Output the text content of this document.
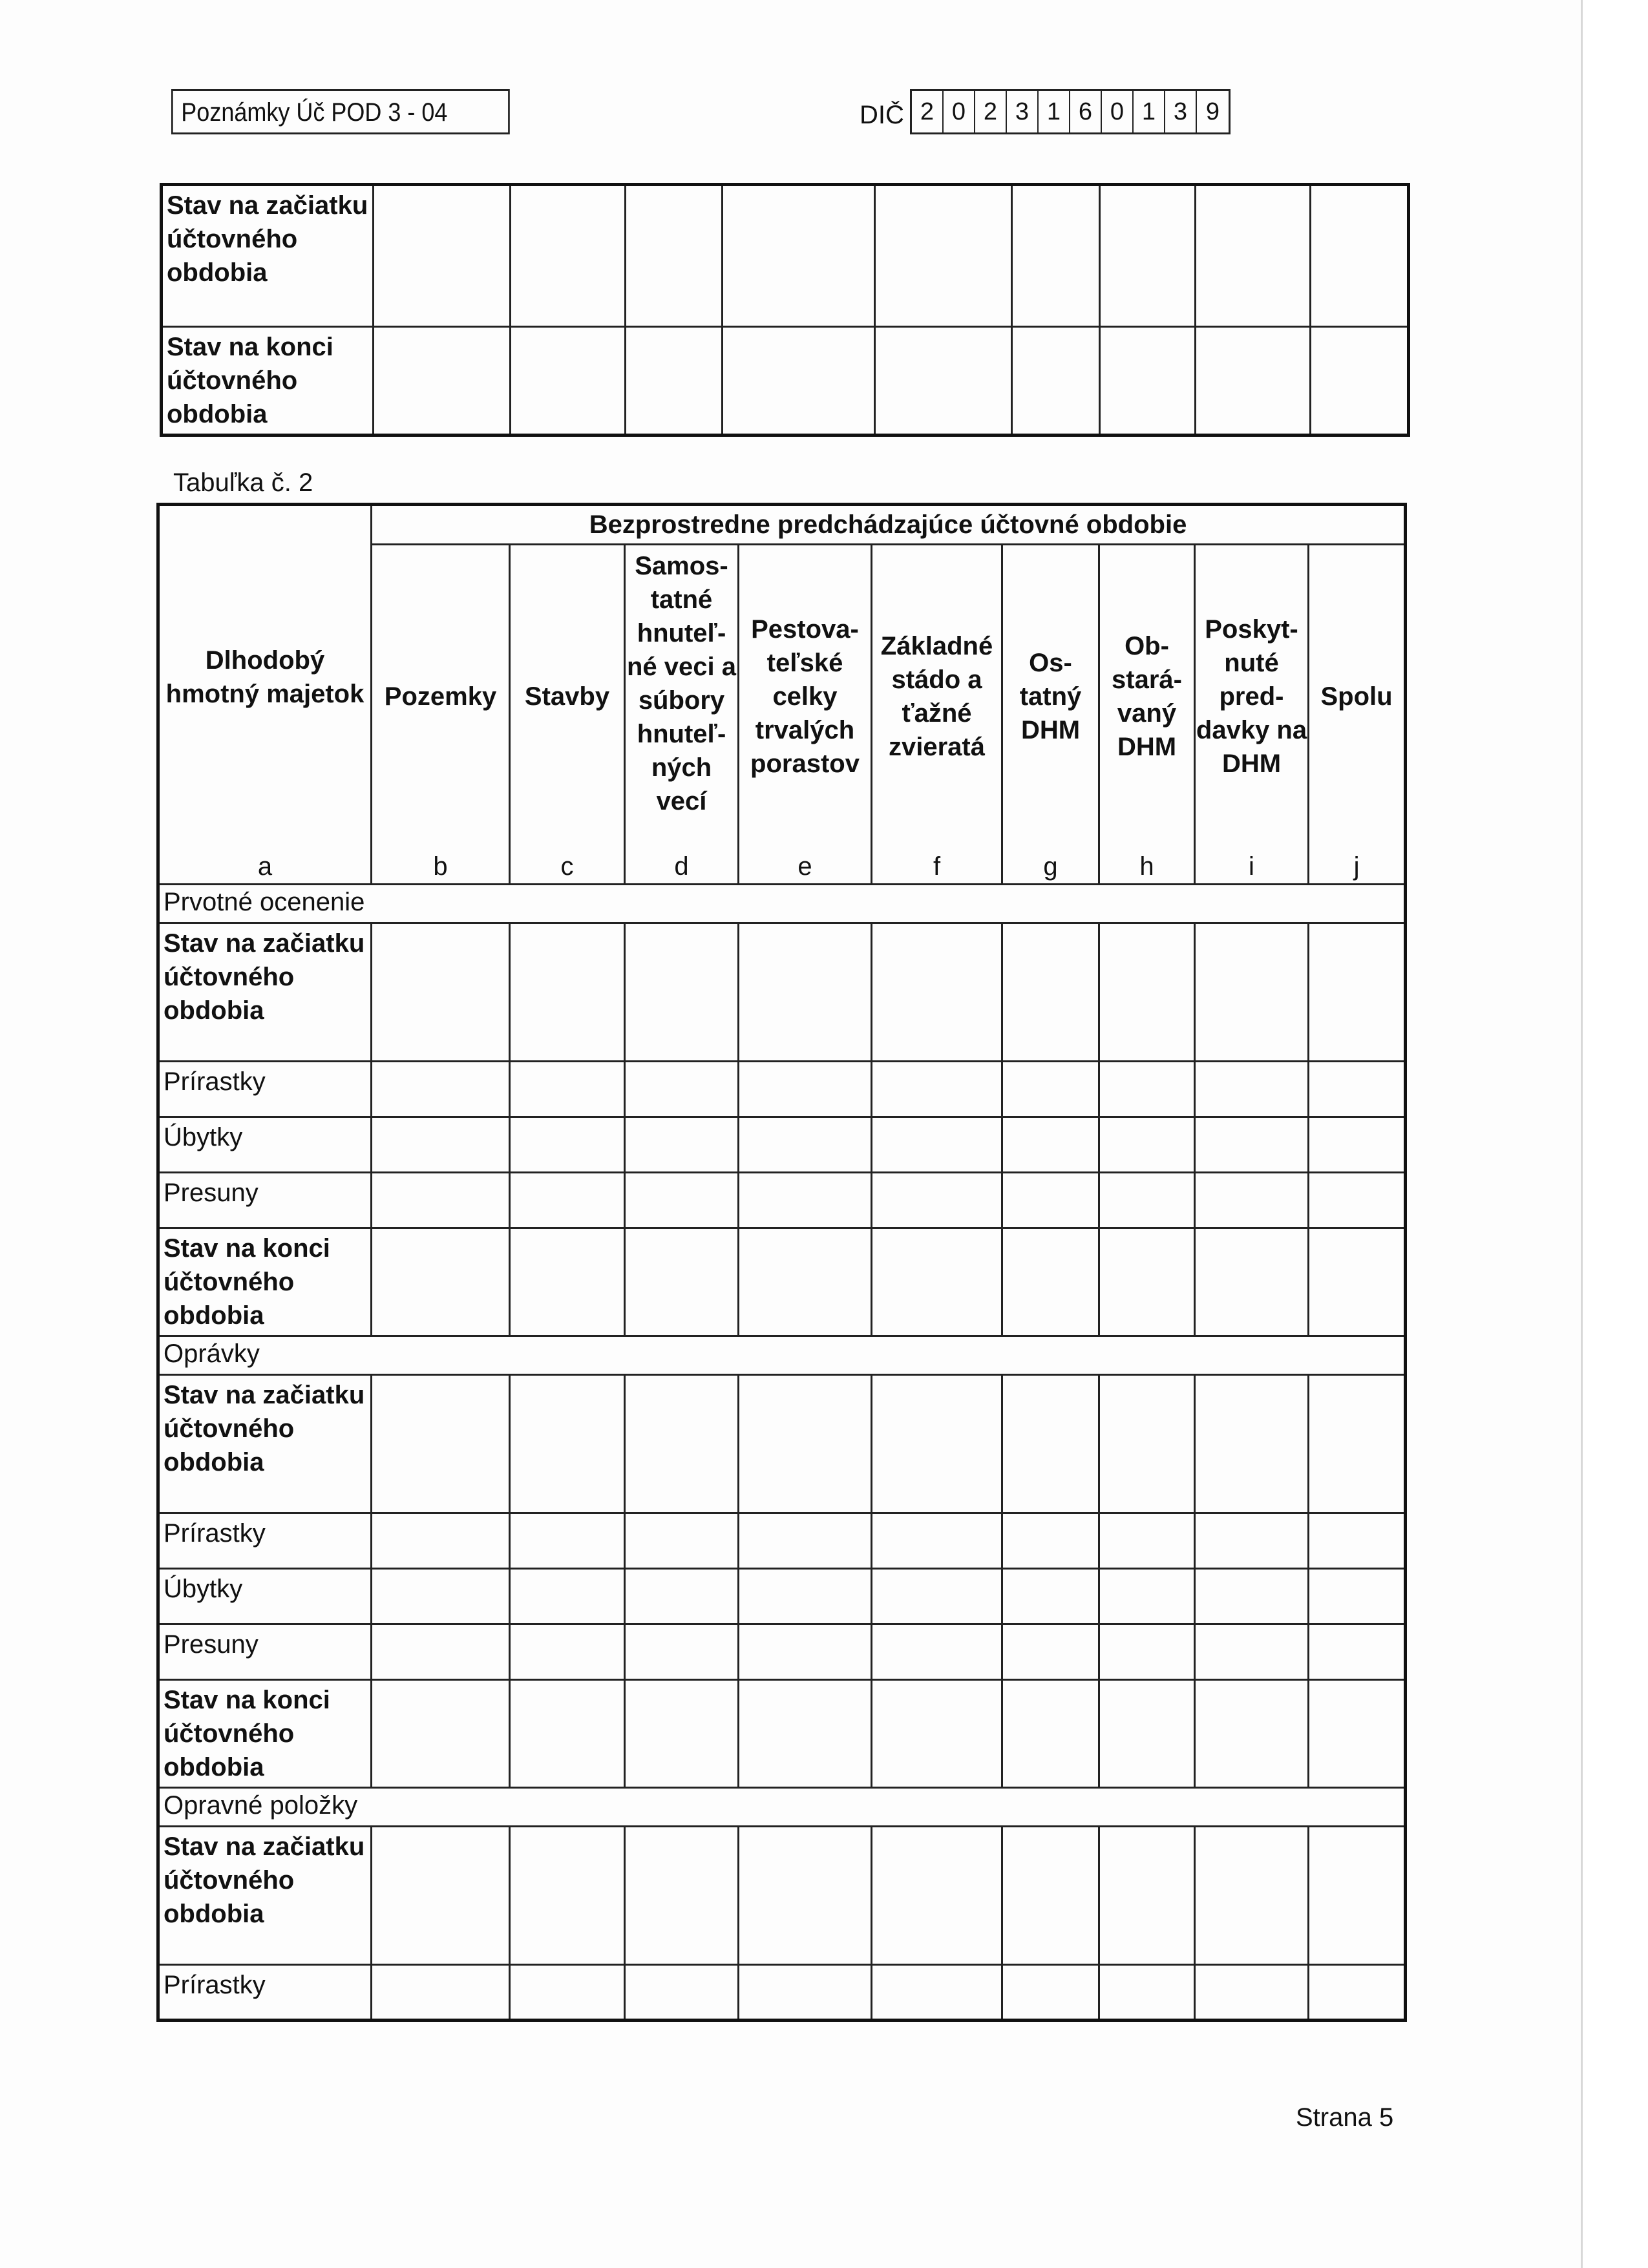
Poznámky Úč POD 3 - 04	DIČ 2 0 2 3 1 6 0 1 3 9
Stav na začiatku účtovného obdobia									
Stav na konci účtovného obdobia									
Tabuľka č. 2
Dlhodobý hmotný majetok	Bezprostredne predchádzajúce účtovné obdobie								
	Pozemky	Stavby	Samos-tatné hnuteľ-né veci a súbory hnuteľ-ných vecí	Pestova-teľské celky trvalých porastov	Základné stádo a ťažné zvieratá	Os-tatný DHM	Ob-stará-vaný DHM	Poskyt-nuté pred-davky na DHM	Spolu
a	b	c	d	e	f	g	h	i	j
Prvotné ocenenie									
Stav na začiatku účtovného obdobia									
Prírastky									
Úbytky									
Presuny									
Stav na konci účtovného obdobia									
Oprávky									
Stav na začiatku účtovného obdobia									
Prírastky									
Úbytky									
Presuny									
Stav na konci účtovného obdobia									
Opravné položky									
Stav na začiatku účtovného obdobia									
Prírastky									
Strana 5
